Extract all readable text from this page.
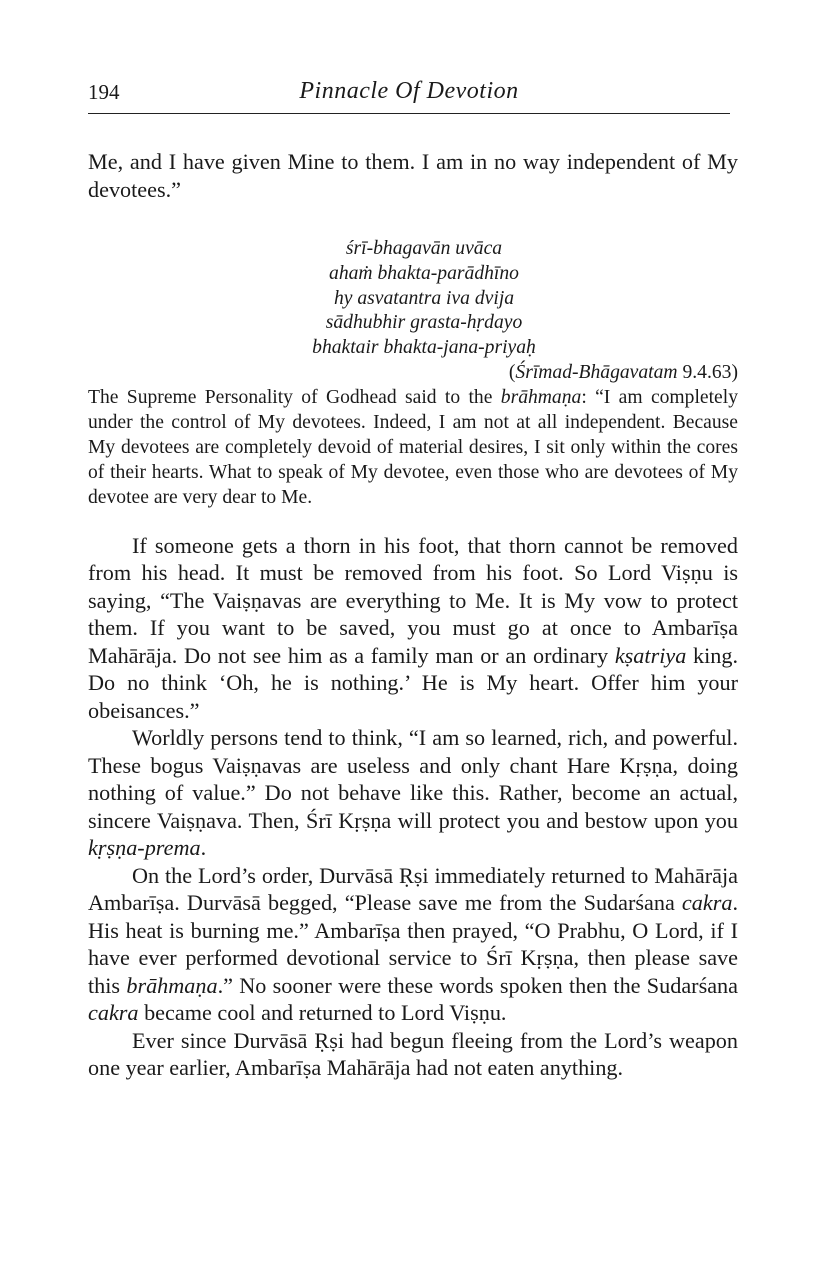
194	Pinnacle Of Devotion

Me, and I have given Mine to them. I am in no way independent of My devotees.”

śrī-bhagavān uvāca
ahaṁ bhakta-parādhīno
hy asvatantra iva dvija
sādhubhir grasta-hṛdayo
bhaktair bhakta-jana-priyaḥ
(Śrīmad-Bhāgavatam 9.4.63)

The Supreme Personality of Godhead said to the brāhmaṇa: “I am completely under the control of My devotees. Indeed, I am not at all independent. Because My devotees are completely devoid of material desires, I sit only within the cores of their hearts. What to speak of My devotee, even those who are devotees of My devotee are very dear to Me.

If someone gets a thorn in his foot, that thorn cannot be removed from his head. It must be removed from his foot. So Lord Viṣṇu is saying, “The Vaiṣṇavas are everything to Me. It is My vow to protect them. If you want to be saved, you must go at once to Ambarīṣa Mahārāja. Do not see him as a family man or an ordinary kṣatriya king. Do no think ‘Oh, he is nothing.’ He is My heart. Offer him your obeisances.”

Worldly persons tend to think, “I am so learned, rich, and powerful. These bogus Vaiṣṇavas are useless and only chant Hare Kṛṣṇa, doing nothing of value.” Do not behave like this. Rather, become an actual, sincere Vaiṣṇava. Then, Śrī Kṛṣṇa will protect you and bestow upon you kṛṣṇa-prema.

On the Lord’s order, Durvāsā Ṛṣi immediately returned to Mahārāja Ambarīṣa. Durvāsā begged, “Please save me from the Sudarśana cakra. His heat is burning me.” Ambarīṣa then prayed, “O Prabhu, O Lord, if I have ever performed devotional service to Śrī Kṛṣṇa, then please save this brāhmaṇa.” No sooner were these words spoken then the Sudarśana cakra became cool and returned to Lord Viṣṇu.

Ever since Durvāsā Ṛṣi had begun fleeing from the Lord’s weapon one year earlier, Ambarīṣa Mahārāja had not eaten anything.
